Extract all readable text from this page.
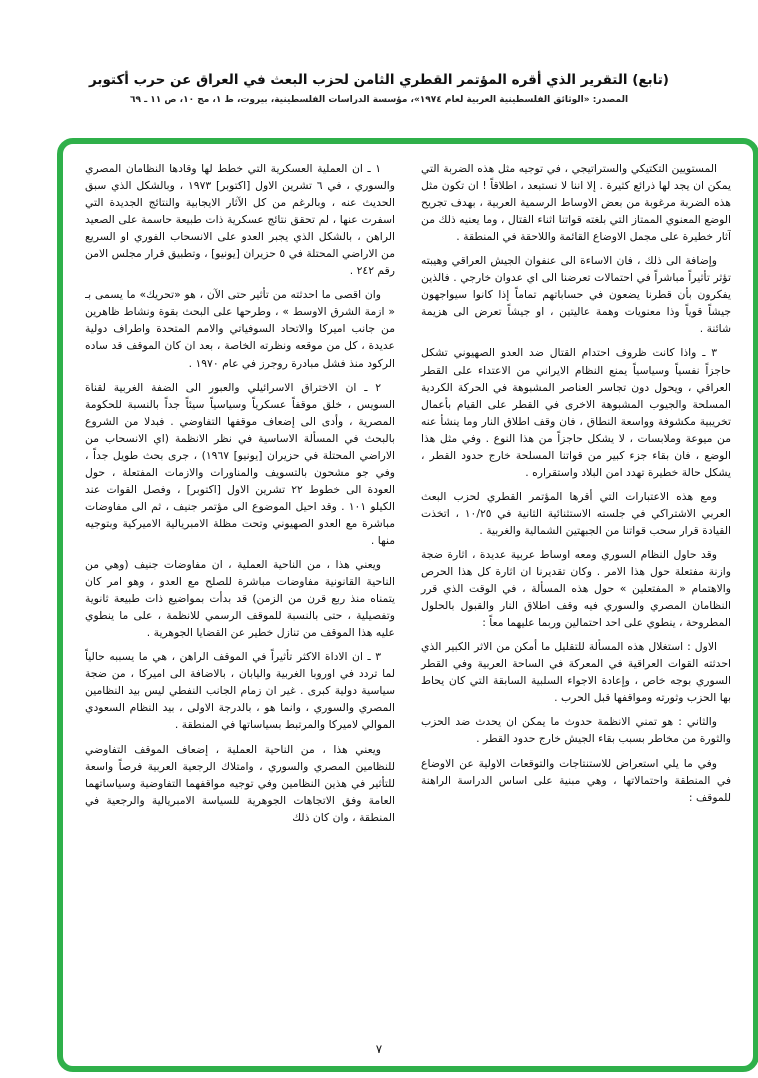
(تابع) التقرير الذي أقره المؤتمر القطري الثامن لحزب البعث في العراق عن حرب أكتوبر
المصدر: «الوثائق الفلسطينية العربية لعام ١٩٧٤»، مؤسسة الدراسات الفلسطينية، بيروت، ط ١، مج ١٠، ص ١١ ـ ٦٩

المستويين التكتيكي والستراتيجي ، في توجيه مثل هذه الضربة التي يمكن ان يجد لها ذرائع كثيرة . إلا اننا لا نستبعد ، اطلاقاً ! ان تكون مثل هذه الضربة مرغوبة من بعض الاوساط الرسمية العربية ، بهدف تجريح الوضع المعنوي الممتاز التي بلغته قواتنا اثناء القتال ، وما يعنيه ذلك من آثار خطيرة على مجمل الاوضاع القائمة واللاحقة في المنطقة .

وإضافة الى ذلك ، فان الاساءة الى عنفوان الجيش العراقي وهيبته تؤثر تأثيراً مباشراً في احتمالات تعرضنا الى اي عدوان خارجي . فالذين يفكرون بأن قطرنا يضعون في حساباتهم تماماً إذا كانوا سيواجهون جيشاً قوياً وذا معنويات وهمة عاليتين ، او جيشاً تعرض الى هزيمة شائنة .

٣ ـ واذا كانت ظروف احتدام القتال ضد العدو الصهيوني تشكل حاجزاً نفسياً وسياسياً يمنع النظام الايراني من الاعتداء على القطر العراقي ، ويحول دون تجاسر العناصر المشبوهة في الحركة الكردية المسلحة والجيوب المشبوهة الاخرى في القطر على القيام بأعمال تخريبية مكشوفة وواسعة النطاق ، فان وقف اطلاق النار وما ينشأ عنه من ميوعة وملابسات ، لا يشكل حاجزاً من هذا النوع . وفي مثل هذا الوضع ، فان بقاء جزء كبير من قواتنا المسلحة خارج حدود القطر ، يشكل حالة خطيرة تهدد امن البلاد واستقراره .

ومع هذه الاعتبارات التي أقرها المؤتمر القطري لحزب البعث العربي الاشتراكي في جلسته الاستثنائية الثانية في ١٠/٢٥ ، اتخذت القيادة قرار سحب قواتنا من الجبهتين الشمالية والغربية .

وقد حاول النظام السوري ومعه اوساط عربية عديدة ، اثارة ضجة وازنة مفتعلة حول هذا الامر . وكان تقديرنا ان اثارة كل هذا الحرص والاهتمام « المفتعلين » حول هذه المسألة ، في الوقت الذي قرر النظامان المصري والسوري فيه وقف اطلاق النار والقبول بالحلول المطروحة ، ينطوي على احد احتمالين وربما عليهما معاً :

الاول : استغلال هذه المسألة للتقليل ما أمكن من الاثر الكبير الذي احدثته القوات العراقية في المعركة في الساحة العربية وفي القطر السوري بوجه خاص ، وإعادة الاجواء السلبية السابقة التي كان يحاط بها الحزب وثورته ومواقفها قبل الحرب .

والثاني : هو تمني الانظمة حدوث ما يمكن ان يحدث ضد الحزب والثورة من مخاطر بسبب بقاء الجيش خارج حدود القطر .

وفي ما يلي استعراض للاستنتاجات والتوقعات الاولية عن الاوضاع في المنطقة واحتمالاتها ، وهي مبنية على اساس الدراسة الراهنة للموقف :

١ ـ ان العملية العسكرية التي خطط لها وقادها النظامان المصري والسوري ، في ٦ تشرين الاول [اكتوبر] ١٩٧٣ ، وبالشكل الذي سبق الحديث عنه ، وبالرغم من كل الآثار الايجابية والنتائج الجديدة التي اسفرت عنها ، لم تحقق نتائج عسكرية ذات طبيعة حاسمة على الصعيد الراهن ، بالشكل الذي يجبر العدو على الانسحاب الفوري او السريع من الاراضي المحتلة في ٥ حزيران [يونيو] ، وتطبيق قرار مجلس الامن رقم ٢٤٢ .

وان اقصى ما احدثته من تأثير حتى الآن ، هو «تحريك» ما يسمى بـ « ازمة الشرق الاوسط » ، وطرحها على البحث بقوة ونشاط ظاهرين من جانب اميركا والاتحاد السوفياتي والامم المتحدة واطراف دولية عديدة ، كل من موقعه ونظرته الخاصة ، بعد ان كان الموقف قد ساده الركود منذ فشل مبادرة روجرز في عام ١٩٧٠ .

٢ ـ ان الاختراق الاسرائيلي والعبور الى الضفة الغربية لقناة السويس ، خلق موقفاً عسكرياً وسياسياً سيئاً جداً بالنسبة للحكومة المصرية ، وأدى الى إضعاف موقفها التفاوضي . فبدلا من الشروع بالبحث في المسألة الاساسية في نظر الانظمة (اي الانسحاب من الاراضي المحتلة في حزيران [يونيو] ١٩٦٧) ، جرى بحث طويل جداً ، وفي جو مشحون بالتسويف والمناورات والازمات المفتعلة ، حول العودة الى خطوط ٢٢ تشرين الاول [اكتوبر] ، وفصل القوات عند الكيلو ١٠١ . وقد احيل الموضوع الى مؤتمر جنيف ، ثم الى مفاوضات مباشرة مع العدو الصهيوني وتحت مظلة الامبريالية الاميركية وبتوجيه منها .

ويعني هذا ، من الناحية العملية ، ان مفاوضات جنيف (وهي من الناحية القانونية مفاوضات مباشرة للصلح مع العدو ، وهو امر كان يتمناه منذ ربع قرن من الزمن) قد بدأت بمواضيع ذات طبيعة ثانوية وتفصيلية ، حتى بالنسبة للموقف الرسمي للانظمة ، على ما ينطوي عليه هذا الموقف من تنازل خطير عن القضايا الجوهرية .

٣ ـ ان الاداة الاكثر تأثيراً في الموقف الراهن ، هي ما يسببه حالياً لما تردد في اوروبا الغربية واليابان ، بالاضافة الى اميركا ، من ضجة سياسية دولية كبرى . غير ان زمام الجانب النفطي ليس بيد النظامين المصري والسوري ، وانما هو ، بالدرجة الاولى ، بيد النظام السعودي الموالي لاميركا والمرتبط بسياساتها في المنطقة .

ويعني هذا ، من الناحية العملية ، إضعاف الموقف التفاوضي للنظامين المصري والسوري ، وامتلاك الرجعية العربية فرصاً واسعة للتأثير في هذين النظامين وفي توجيه مواقفهما التفاوضية وسياساتهما العامة وفق الاتجاهات الجوهرية للسياسة الامبريالية والرجعية في المنطقة ، وان كان ذلك

٧
